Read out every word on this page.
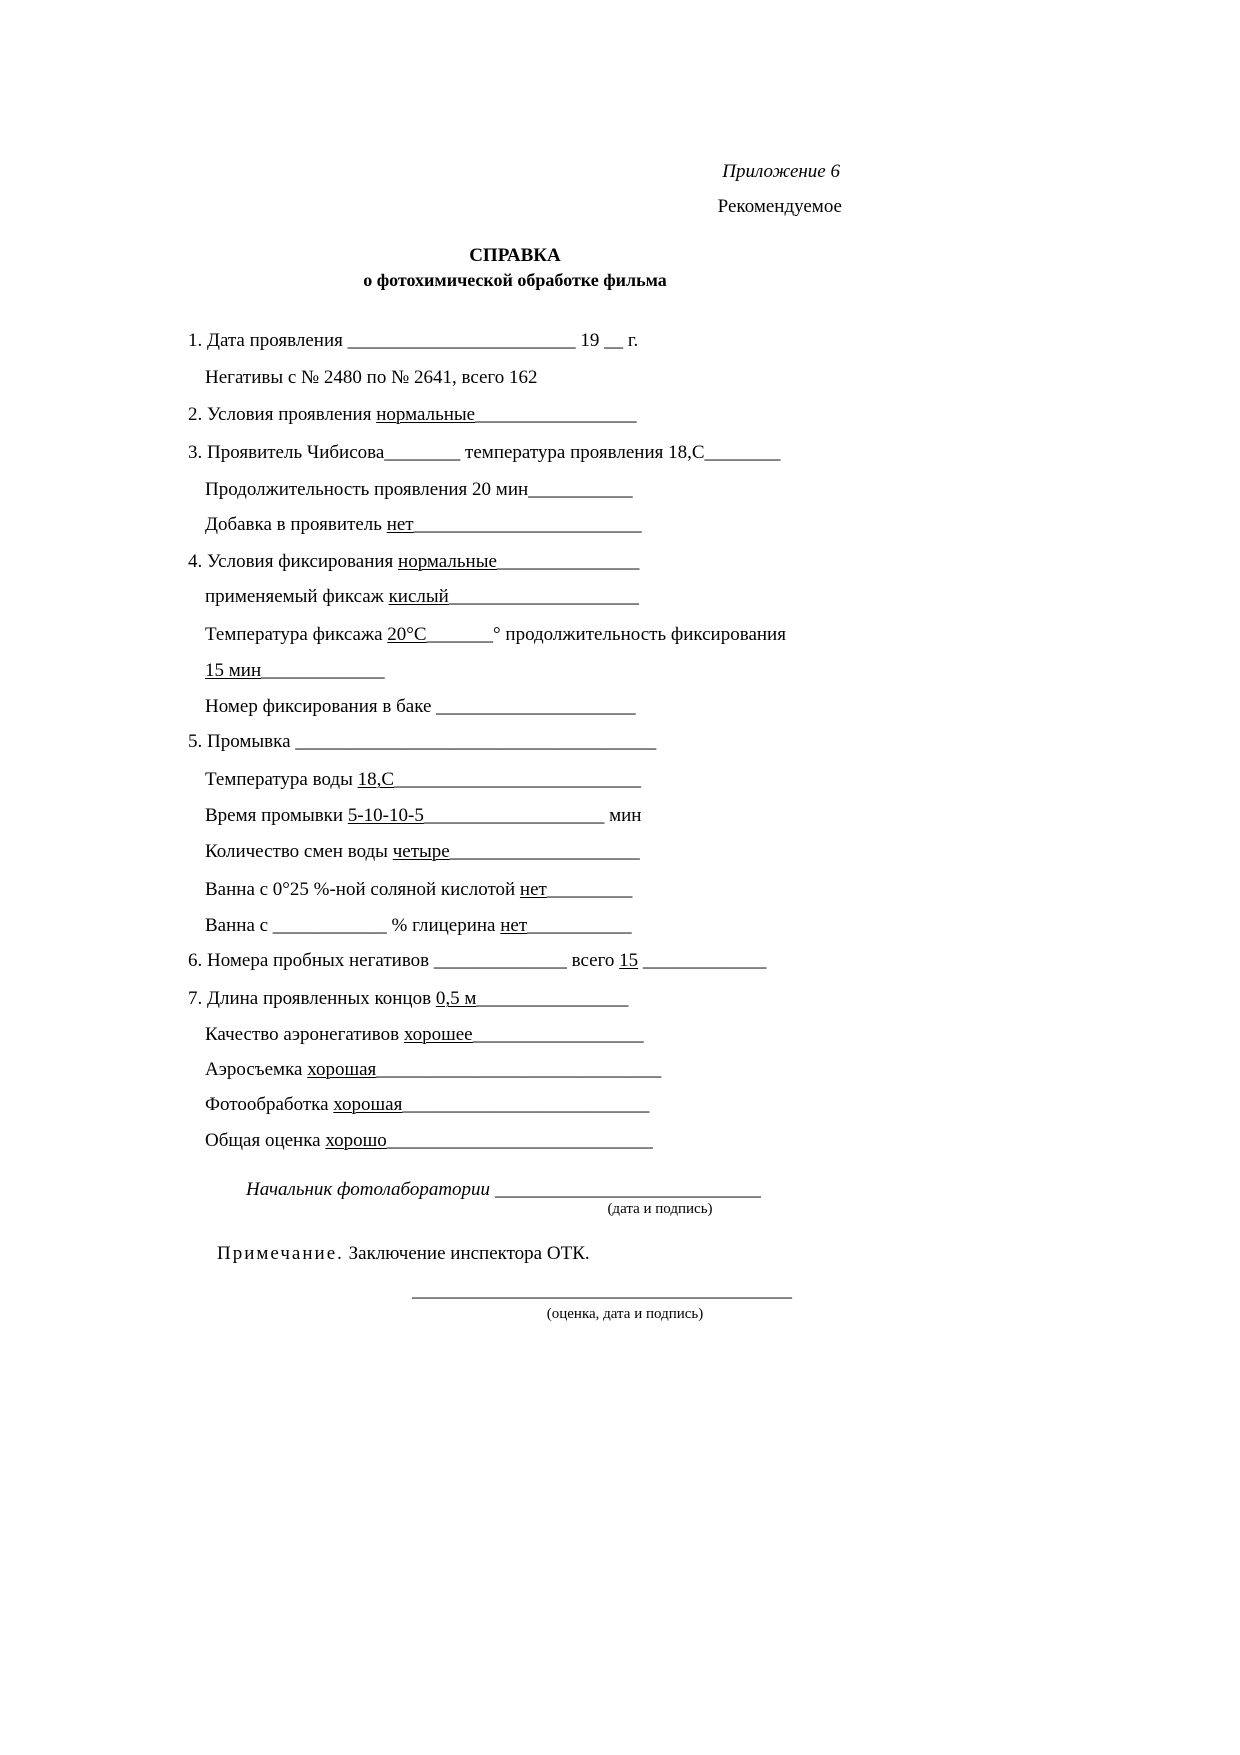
Приложение 6
Рекомендуемое
СПРАВКА
о фотохимической обработке фильма
1. Дата проявления ________________________ 19 __ г.
Негативы с № 2480 по № 2641, всего 162
2. Условия проявления нормальные_________________
3. Проявитель Чибисова________ температура проявления 18,С________
Продолжительность проявления 20 мин___________
Добавка в проявитель нет________________________
4. Условия фиксирования нормальные_______________
применяемый фиксаж кислый____________________
Температура фиксажа 20°С_______° продолжительность фиксирования
15 мин_____________
Номер фиксирования в баке _____________________
5. Промывка ______________________________________
Температура воды 18,С__________________________
Время промывки 5-10-10-5___________________ мин
Количество смен воды четыре____________________
Ванна с 0°25 %-ной соляной кислотой нет_________
Ванна с ____________ % глицерина нет___________
6. Номера пробных негативов ______________ всего 15 _____________
7. Длина проявленных концов 0,5 м________________
Качество аэронегативов хорошее__________________
Аэросъемка хорошая______________________________
Фотообработка хорошая__________________________
Общая оценка хорошо____________________________
Начальник фотолаборатории ____________________________
(дата и подпись)
Примечание. Заключение инспектора ОТК.
________________________________________
(оценка, дата и подпись)
